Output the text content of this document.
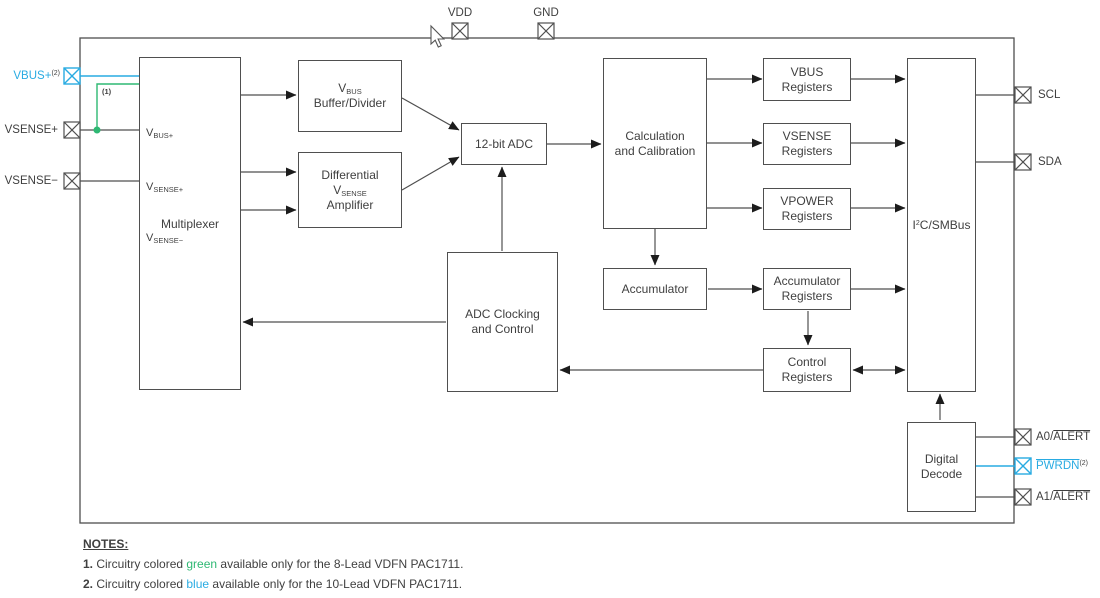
VDD	GND
VBUS+$^{(2)}$
VSENSE+
VSENSE−
SCL
SDA
A0/ALERT
PWRDN$^{(2)}$
A1/ALERT
(1)
$V_{BUS+}$
$V_{SENSE+}$
$V_{SENSE-}$
Multiplexer
$V_{BUS}$
Buffer/Divider
Differential
$V_{SENSE}$
Amplifier
12-bit ADC
Calculation
and Calibration
ADC Clocking
and Control
Accumulator
VBUS
Registers
VSENSE
Registers
VPOWER
Registers
Accumulator
Registers
Control
Registers
$I^2C$/SMBus
Digital
Decode
NOTES:
1. Circuitry colored green available only for the 8-Lead VDFN PAC1711.
2. Circuitry colored blue available only for the 10-Lead VDFN PAC1711.
